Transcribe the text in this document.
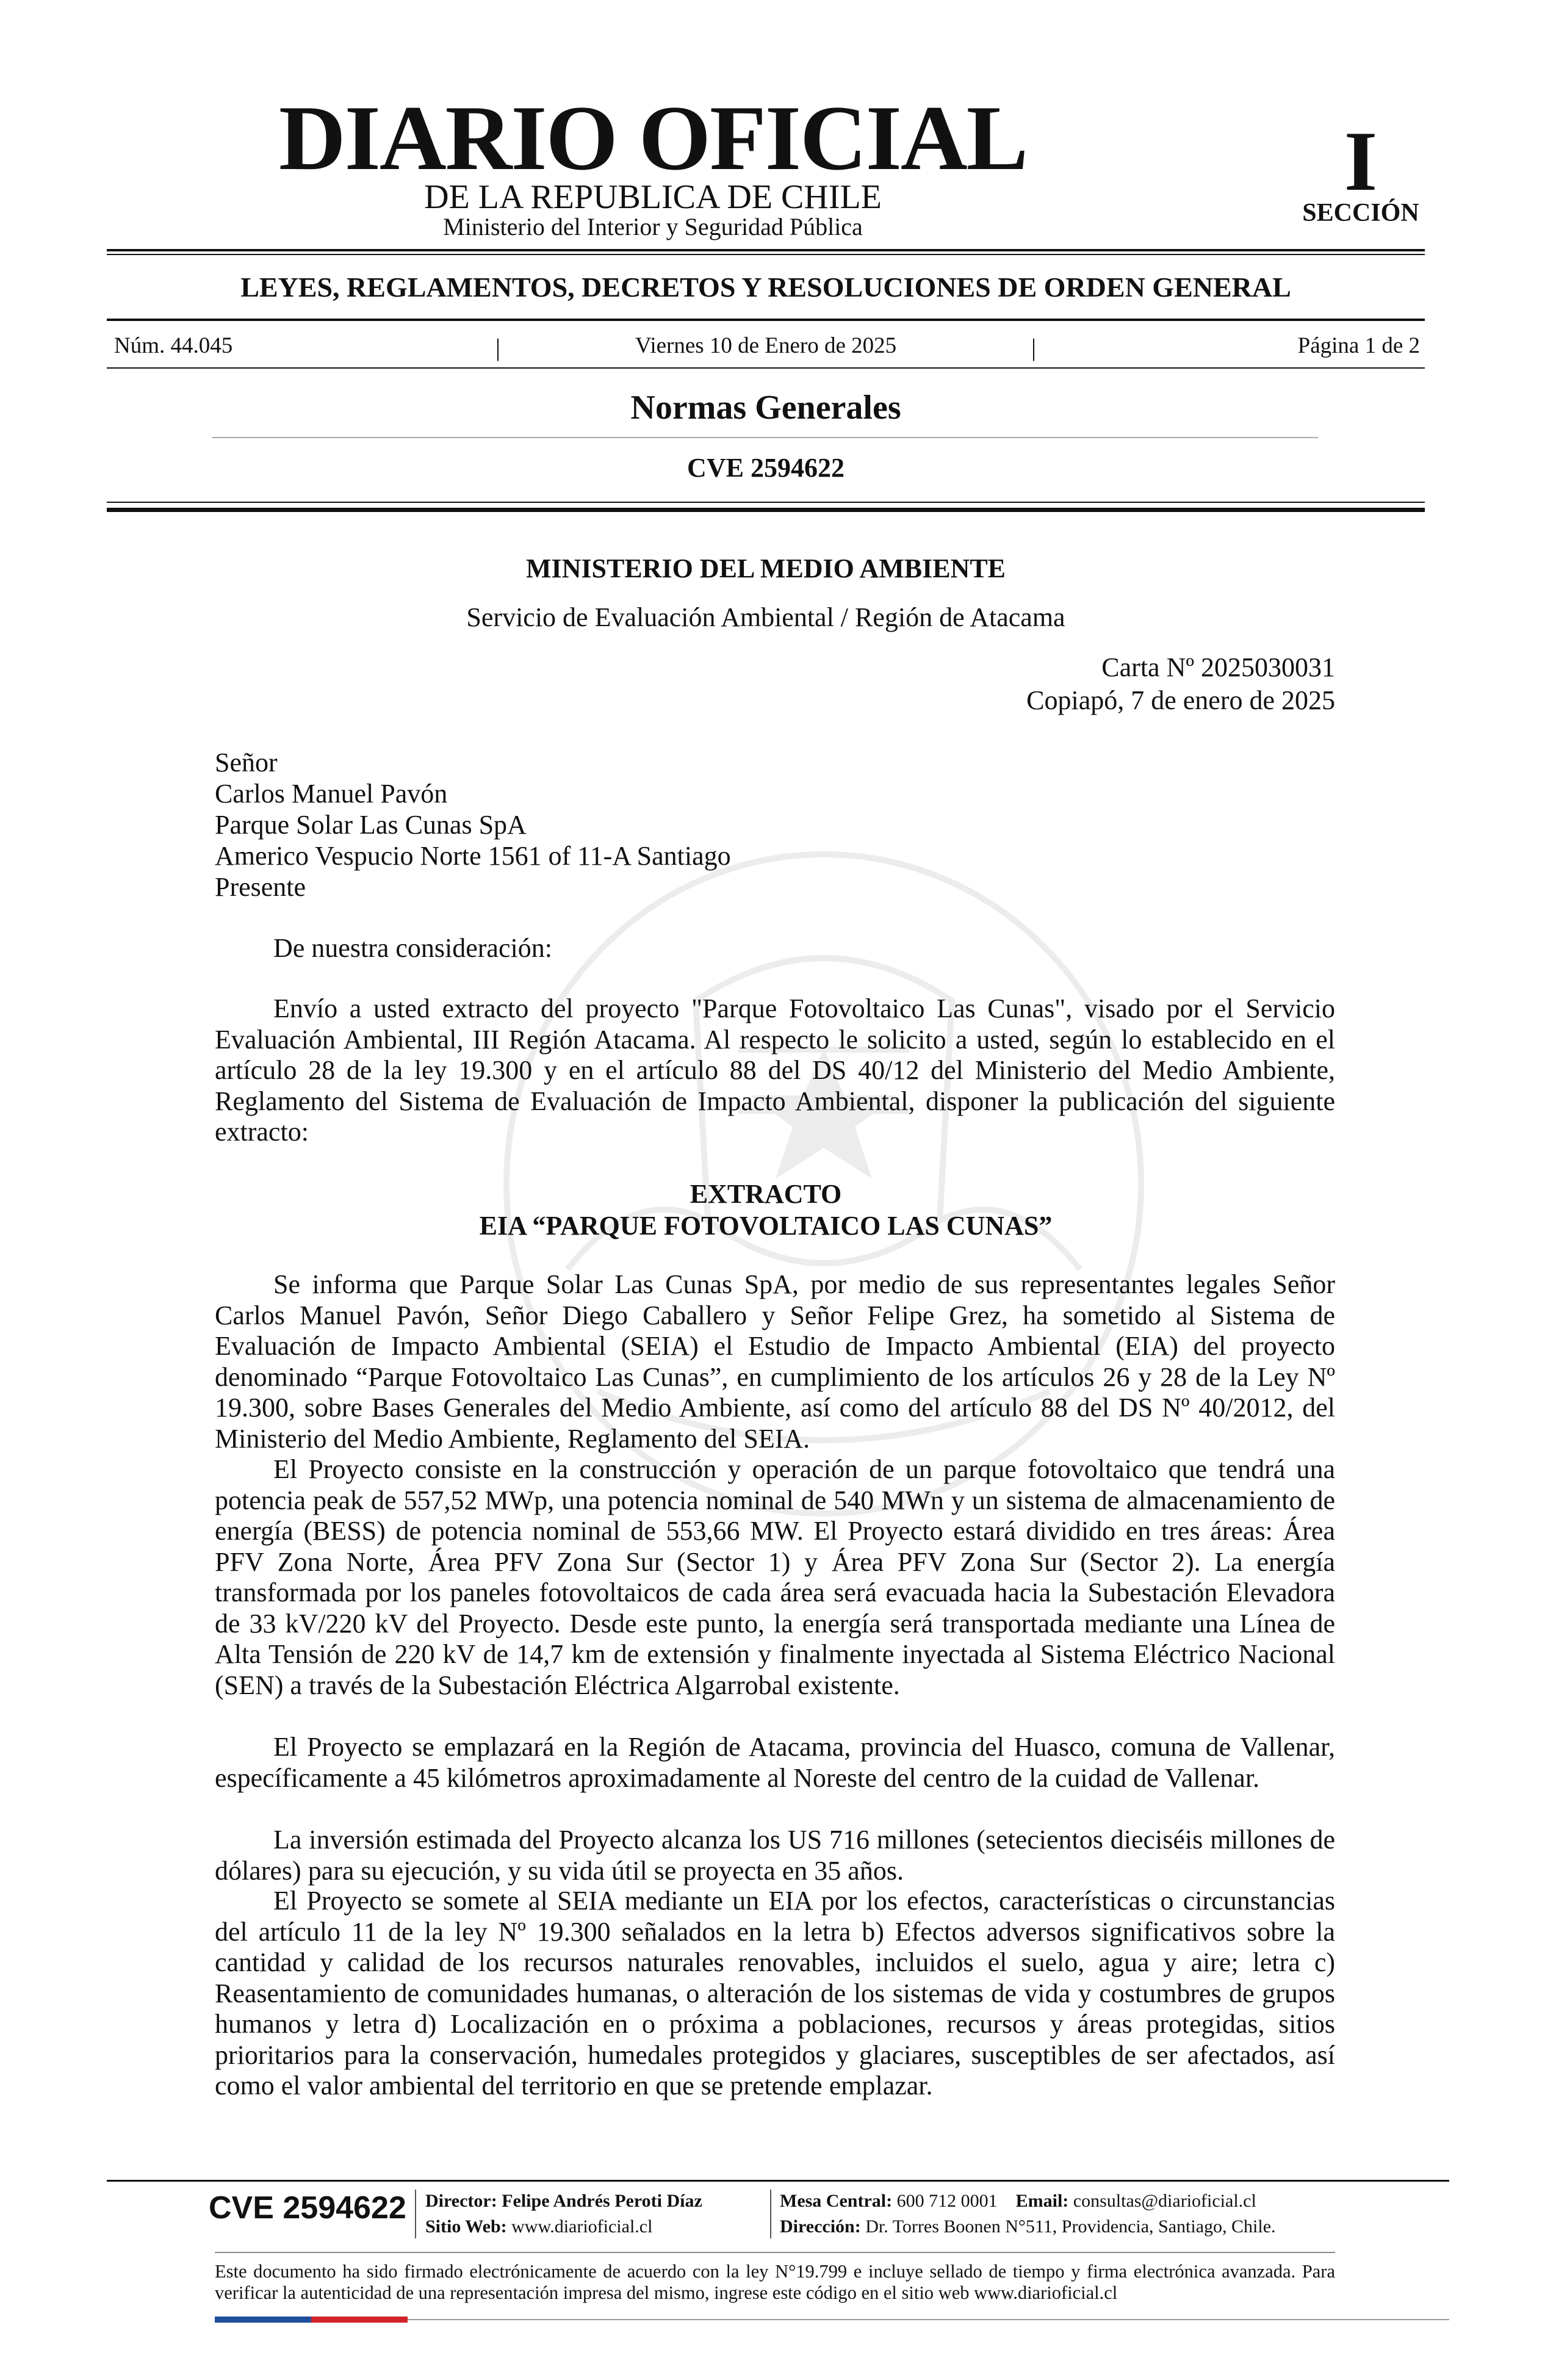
DIARIO OFICIAL
DE LA REPUBLICA DE CHILE
Ministerio del Interior y Seguridad Pública
I
SECCIÓN
LEYES, REGLAMENTOS, DECRETOS Y RESOLUCIONES DE ORDEN GENERAL
Núm. 44.045	|	Viernes 10 de Enero de 2025	|	Página 1 de 2
Normas Generales
CVE 2594622
MINISTERIO DEL MEDIO AMBIENTE
Servicio de Evaluación Ambiental / Región de Atacama
Carta Nº 2025030031
Copiapó, 7 de enero de 2025
Señor
Carlos Manuel Pavón
Parque Solar Las Cunas SpA
Americo Vespucio Norte 1561 of 11-A Santiago
Presente
De nuestra consideración:
Envío a usted extracto del proyecto "Parque Fotovoltaico Las Cunas", visado por el Servicio Evaluación Ambiental, III Región Atacama. Al respecto le solicito a usted, según lo establecido en el artículo 28 de la ley 19.300 y en el artículo 88 del DS 40/12 del Ministerio del Medio Ambiente, Reglamento del Sistema de Evaluación de Impacto Ambiental, disponer la publicación del siguiente extracto:
EXTRACTO
EIA “PARQUE FOTOVOLTAICO LAS CUNAS”
Se informa que Parque Solar Las Cunas SpA, por medio de sus representantes legales Señor Carlos Manuel Pavón, Señor Diego Caballero y Señor Felipe Grez, ha sometido al Sistema de Evaluación de Impacto Ambiental (SEIA) el Estudio de Impacto Ambiental (EIA) del proyecto denominado “Parque Fotovoltaico Las Cunas”, en cumplimiento de los artículos 26 y 28 de la Ley Nº 19.300, sobre Bases Generales del Medio Ambiente, así como del artículo 88 del DS Nº 40/2012, del Ministerio del Medio Ambiente, Reglamento del SEIA.
El Proyecto consiste en la construcción y operación de un parque fotovoltaico que tendrá una potencia peak de 557,52 MWp, una potencia nominal de 540 MWn y un sistema de almacenamiento de energía (BESS) de potencia nominal de 553,66 MW. El Proyecto estará dividido en tres áreas: Área PFV Zona Norte, Área PFV Zona Sur (Sector 1) y Área PFV Zona Sur (Sector 2). La energía transformada por los paneles fotovoltaicos de cada área será evacuada hacia la Subestación Elevadora de 33 kV/220 kV del Proyecto. Desde este punto, la energía será transportada mediante una Línea de Alta Tensión de 220 kV de 14,7 km de extensión y finalmente inyectada al Sistema Eléctrico Nacional (SEN) a través de la Subestación Eléctrica Algarrobal existente.
El Proyecto se emplazará en la Región de Atacama, provincia del Huasco, comuna de Vallenar, específicamente a 45 kilómetros aproximadamente al Noreste del centro de la cuidad de Vallenar.
La inversión estimada del Proyecto alcanza los US 716 millones (setecientos dieciséis millones de dólares) para su ejecución, y su vida útil se proyecta en 35 años.
El Proyecto se somete al SEIA mediante un EIA por los efectos, características o circunstancias del artículo 11 de la ley Nº 19.300 señalados en la letra b) Efectos adversos significativos sobre la cantidad y calidad de los recursos naturales renovables, incluidos el suelo, agua y aire; letra c) Reasentamiento de comunidades humanas, o alteración de los sistemas de vida y costumbres de grupos humanos y letra d) Localización en o próxima a poblaciones, recursos y áreas protegidas, sitios prioritarios para la conservación, humedales protegidos y glaciares, susceptibles de ser afectados, así como el valor ambiental del territorio en que se pretende emplazar.
CVE 2594622 Director: Felipe Andrés Peroti Díaz
Sitio Web: www.diarioficial.cl
Mesa Central: 600 712 0001 Email: consultas@diarioficial.cl
Dirección: Dr. Torres Boonen N°511, Providencia, Santiago, Chile.
Este documento ha sido firmado electrónicamente de acuerdo con la ley N°19.799 e incluye sellado de tiempo y firma electrónica avanzada. Para verificar la autenticidad de una representación impresa del mismo, ingrese este código en el sitio web www.diarioficial.cl
